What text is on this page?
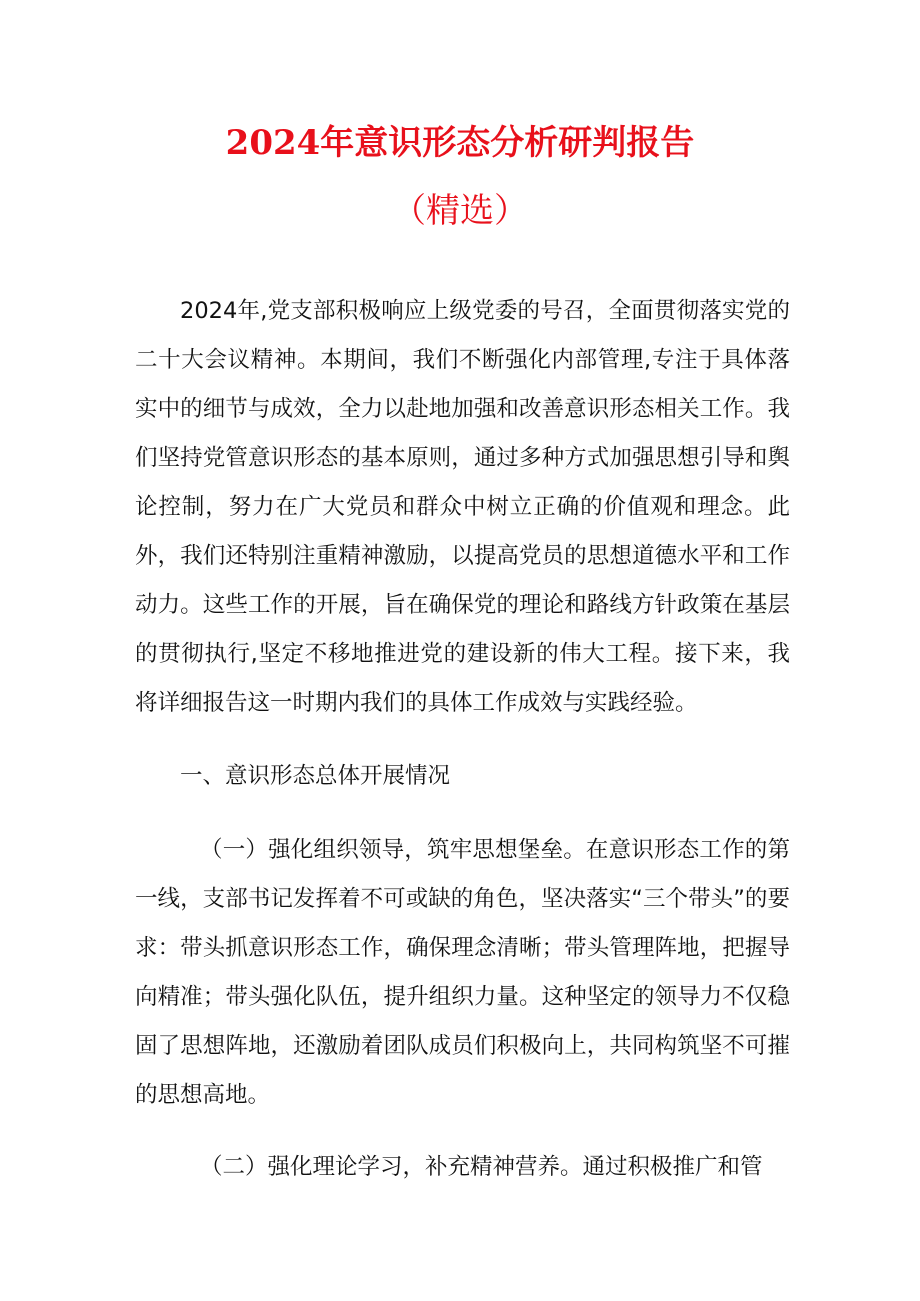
2024年意识形态分析研判报告
（精选）

2024年,党支部积极响应上级党委的号召，全面贯彻落实党的二十大会议精神。本期间，我们不断强化内部管理,专注于具体落实中的细节与成效，全力以赴地加强和改善意识形态相关工作。我们坚持党管意识形态的基本原则，通过多种方式加强思想引导和舆论控制，努力在广大党员和群众中树立正确的价值观和理念。此外，我们还特别注重精神激励，以提高党员的思想道德水平和工作动力。这些工作的开展，旨在确保党的理论和路线方针政策在基层的贯彻执行,坚定不移地推进党的建设新的伟大工程。接下来，我将详细报告这一时期内我们的具体工作成效与实践经验。

一、意识形态总体开展情况

（一）强化组织领导，筑牢思想堡垒。在意识形态工作的第一线，支部书记发挥着不可或缺的角色，坚决落实“三个带头”的要求：带头抓意识形态工作，确保理念清晰；带头管理阵地，把握导向精准；带头强化队伍，提升组织力量。这种坚定的领导力不仅稳固了思想阵地，还激励着团队成员们积极向上，共同构筑坚不可摧的思想高地。

（二）强化理论学习，补充精神营养。通过积极推广和管
